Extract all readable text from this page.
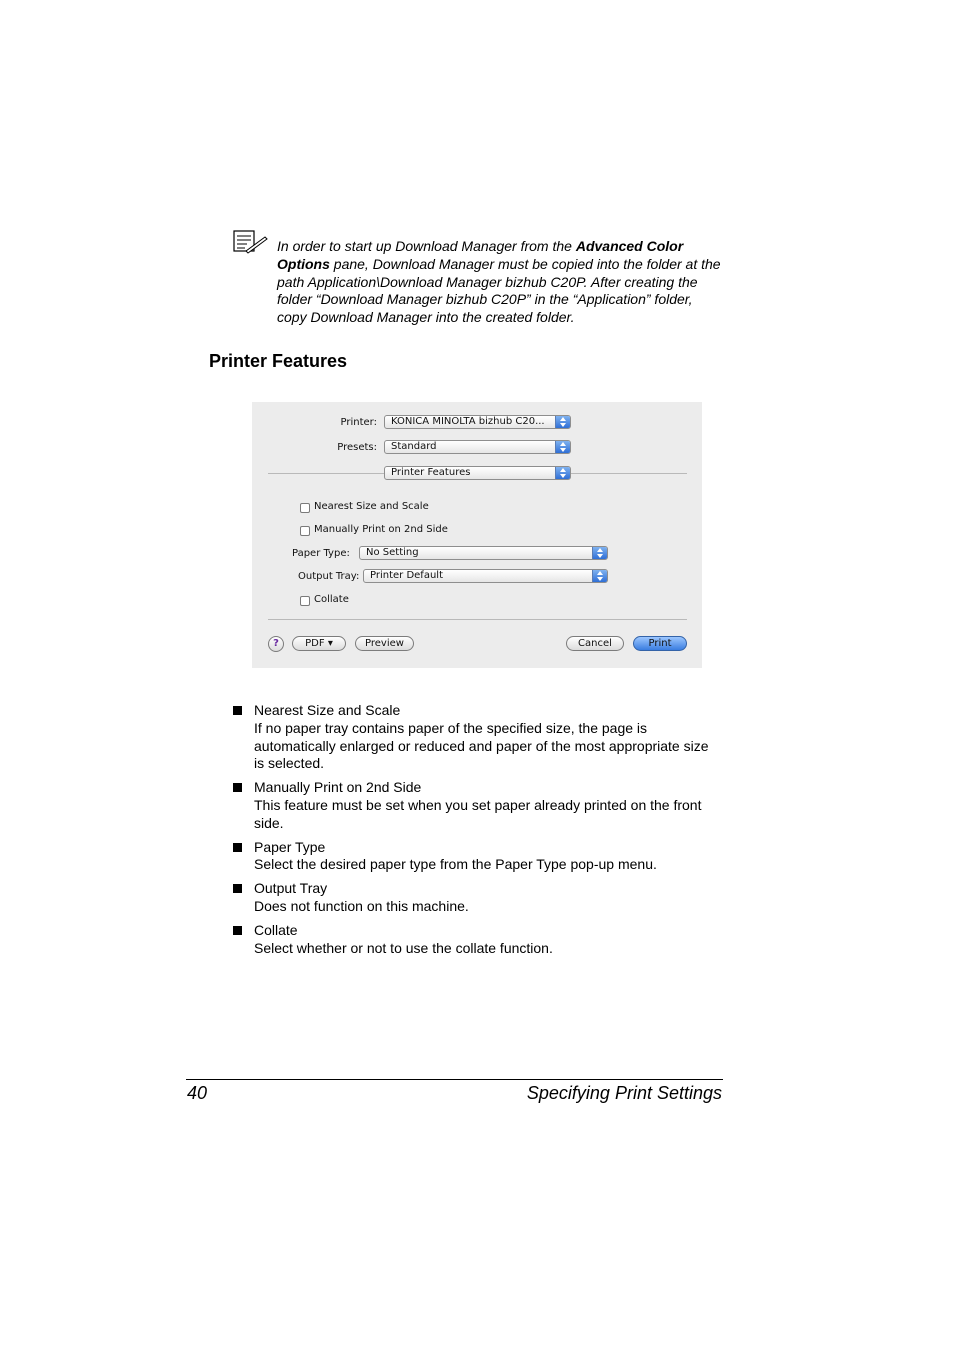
In order to start up Download Manager from the Advanced Color Options pane, Download Manager must be copied into the folder at the path Application\Download Manager bizhub C20P. After creating the folder “Download Manager bizhub C20P” in the “Application” folder, copy Download Manager into the created folder.
Printer Features
Printer:	KONICA MINOLTA bizhub C20...
Presets:	Standard
Printer Features
Nearest Size and Scale
Manually Print on 2nd Side
Paper Type:	No Setting
Output Tray:	Printer Default
Collate
?	PDF ▾	Preview	Cancel	Print
Nearest Size and Scale
If no paper tray contains paper of the specified size, the page is automatically enlarged or reduced and paper of the most appropriate size is selected.
Manually Print on 2nd Side
This feature must be set when you set paper already printed on the front side.
Paper Type
Select the desired paper type from the Paper Type pop-up menu.
Output Tray
Does not function on this machine.
Collate
Select whether or not to use the collate function.
40	Specifying Print Settings
